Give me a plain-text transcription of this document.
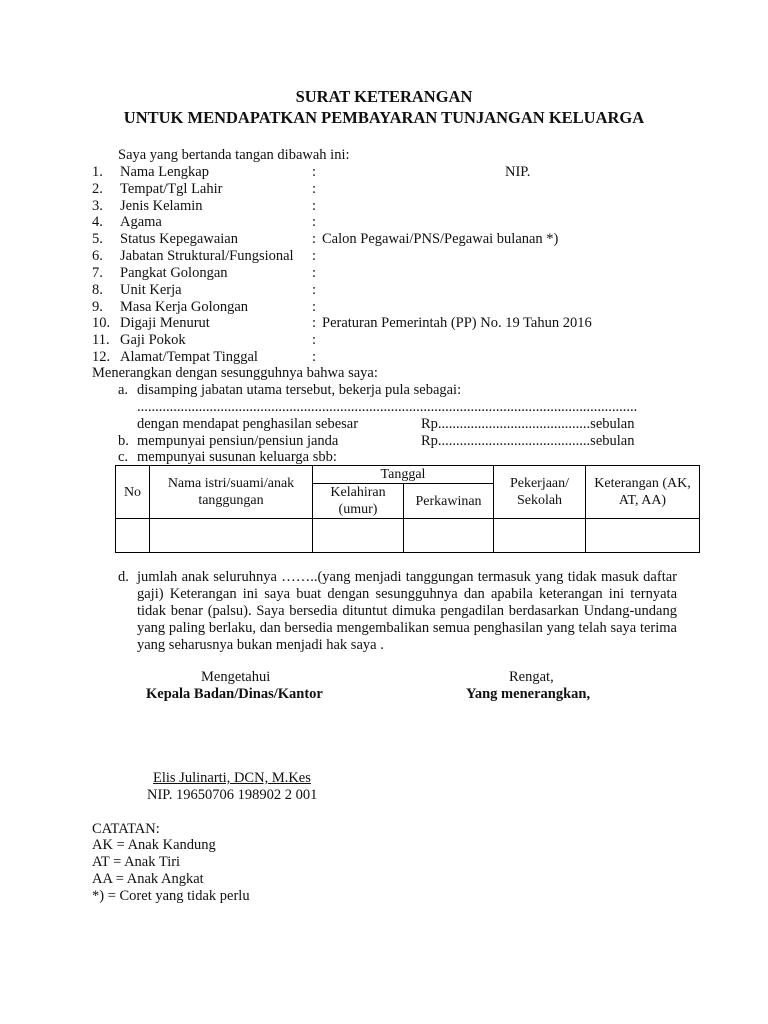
SURAT KETERANGAN
UNTUK MENDAPATKAN PEMBAYARAN TUNJANGAN KELUARGA
Saya yang bertanda tangan dibawah ini:
1. Nama Lengkap	:	NIP.
2. Tempat/Tgl Lahir	:
3. Jenis Kelamin	:
4. Agama	:
5. Status Kepegawaian	: Calon Pegawai/PNS/Pegawai bulanan *)
6. Jabatan Struktural/Fungsional :
7. Pangkat Golongan	:
8. Unit Kerja	:
9. Masa Kerja Golongan	:
10. Digaji Menurut	: Peraturan Pemerintah (PP) No. 19 Tahun 2016
11. Gaji Pokok	:
12. Alamat/Tempat Tinggal	:
Menerangkan dengan sesungguhnya bahwa saya:
a. disamping jabatan utama tersebut, bekerja pula sebagai:
..........................................................................................................................................
dengan mendapat penghasilan sebesar	Rp..........................................sebulan
b. mempunyai pensiun/pensiun janda	Rp..........................................sebulan
c. mempunyai susunan keluarga sbb:
No	Nama istri/suami/anak tanggungan	Tanggal		Pekerjaan/ Sekolah	Keterangan (AK, AT, AA)
		Kelahiran (umur)	Perkawinan		

d. jumlah anak seluruhnya ……..(yang menjadi tanggungan termasuk yang tidak masuk daftar gaji) Keterangan ini saya buat dengan sesungguhnya dan apabila keterangan ini ternyata tidak benar (palsu). Saya bersedia dituntut dimuka pengadilan berdasarkan Undang-undang yang paling berlaku, dan bersedia mengembalikan semua penghasilan yang telah saya terima yang seharusnya bukan menjadi hak saya .
Mengetahui
Kepala Badan/Dinas/Kantor
Rengat,
Yang menerangkan,
Elis Julinarti, DCN, M.Kes
NIP. 19650706 198902 2 001
CATATAN:
AK = Anak Kandung
AT = Anak Tiri
AA = Anak Angkat
*) = Coret yang tidak perlu
